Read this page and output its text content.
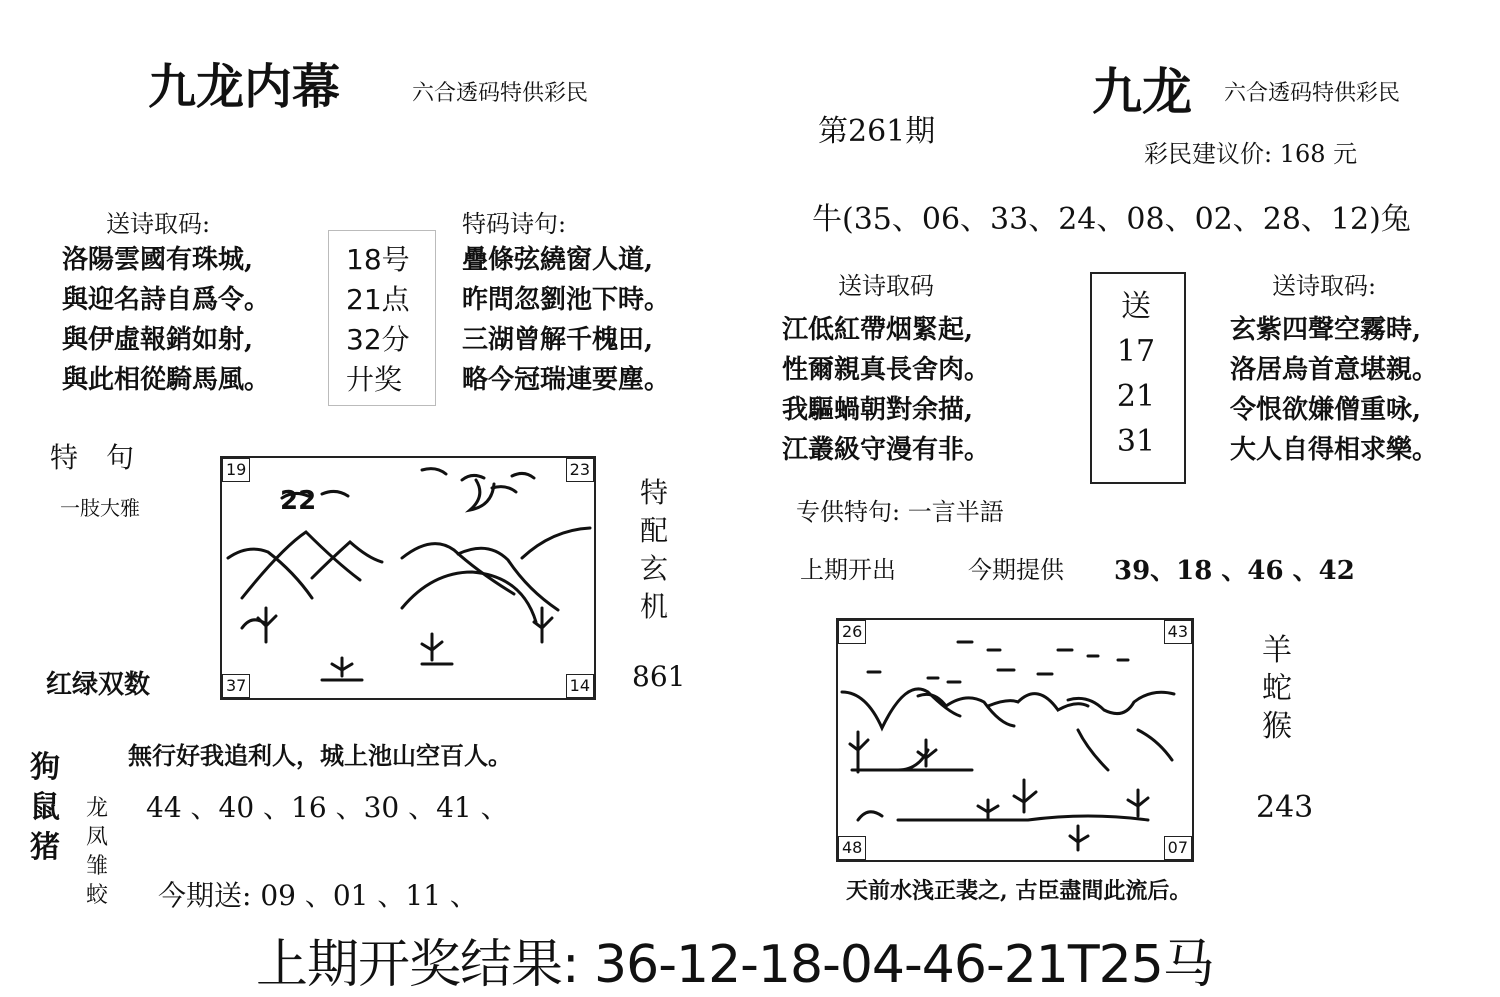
九龙内幕	六合透码特供彩民
送诗取码:
洛陽雲國有珠城,
與迎名詩自爲令。
與伊虛報銷如射,
與此相從騎馬風。
18号
21点
32分
廾奖
特码诗句:
疊條弦繞窗人道,
昨問忽劉池下時。
三湖曾解千槐田,
略今冠瑞連要塵。
特　句
一肢大雅
红绿双数
19	23
37	14
22	特
配
玄
机
861
無行好我追利人，城上池山空百人。
狗
鼠
猪
龙
凤
雏
蛟
44 、40 、16 、30 、41 、
今期送: 09 、01 、11 、
九龙 六合透码特供彩民
第261期
彩民建议价: 168 元
牛(35、06、33、24、08、02、28、12)兔
送诗取码
江低紅帶烟緊起,
性爾親真長舍肉。
我驅蝸朝對余描,
江叢級守漫有非。
送
17
21
31
送诗取码:
玄紫四聲空霧時,
洛居烏首意堪親。
令恨欲嫌僧重咏,
大人自得相求樂。
专供特句: 一言半語
上期开出	今期提供 39、18 、46 、42
26	43
48	07
羊
蛇
猴
243
天前水浅正裴之, 古臣盡間此流后。
上期开奖结果: 36-12-18-04-46-21T25马
